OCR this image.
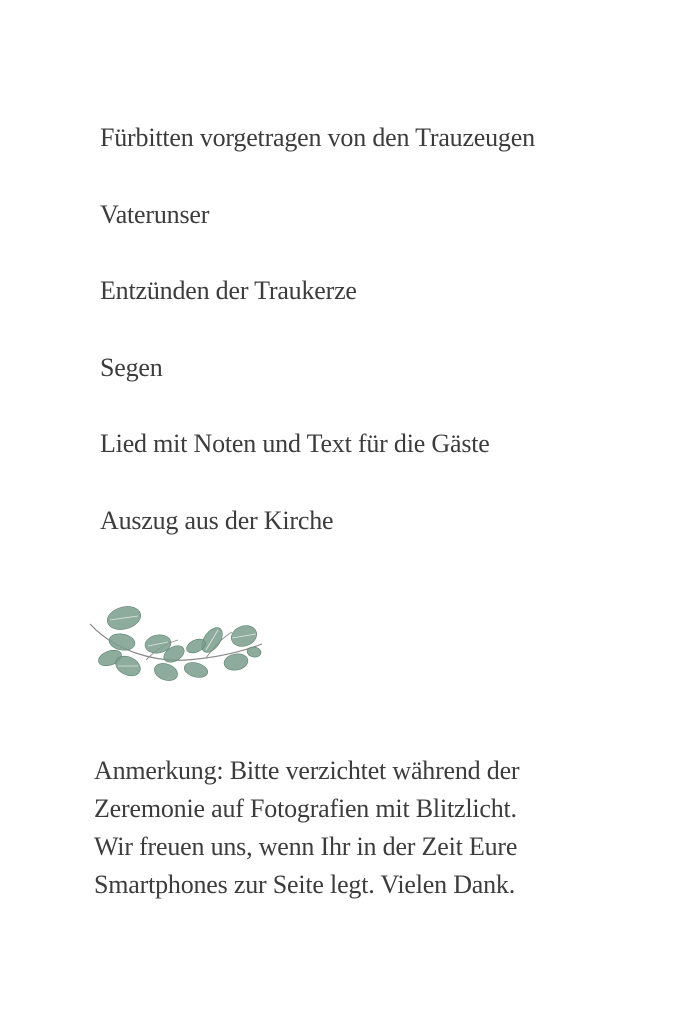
Fürbitten vorgetragen von den Trauzeugen
Vaterunser
Entzünden der Traukerze
Segen
Lied mit Noten und Text für die Gäste
Auszug aus der Kirche
Anmerkung: Bitte verzichtet während der
Zeremonie auf Fotografien mit Blitzlicht.
Wir freuen uns, wenn Ihr in der Zeit Eure
Smartphones zur Seite legt. Vielen Dank.
